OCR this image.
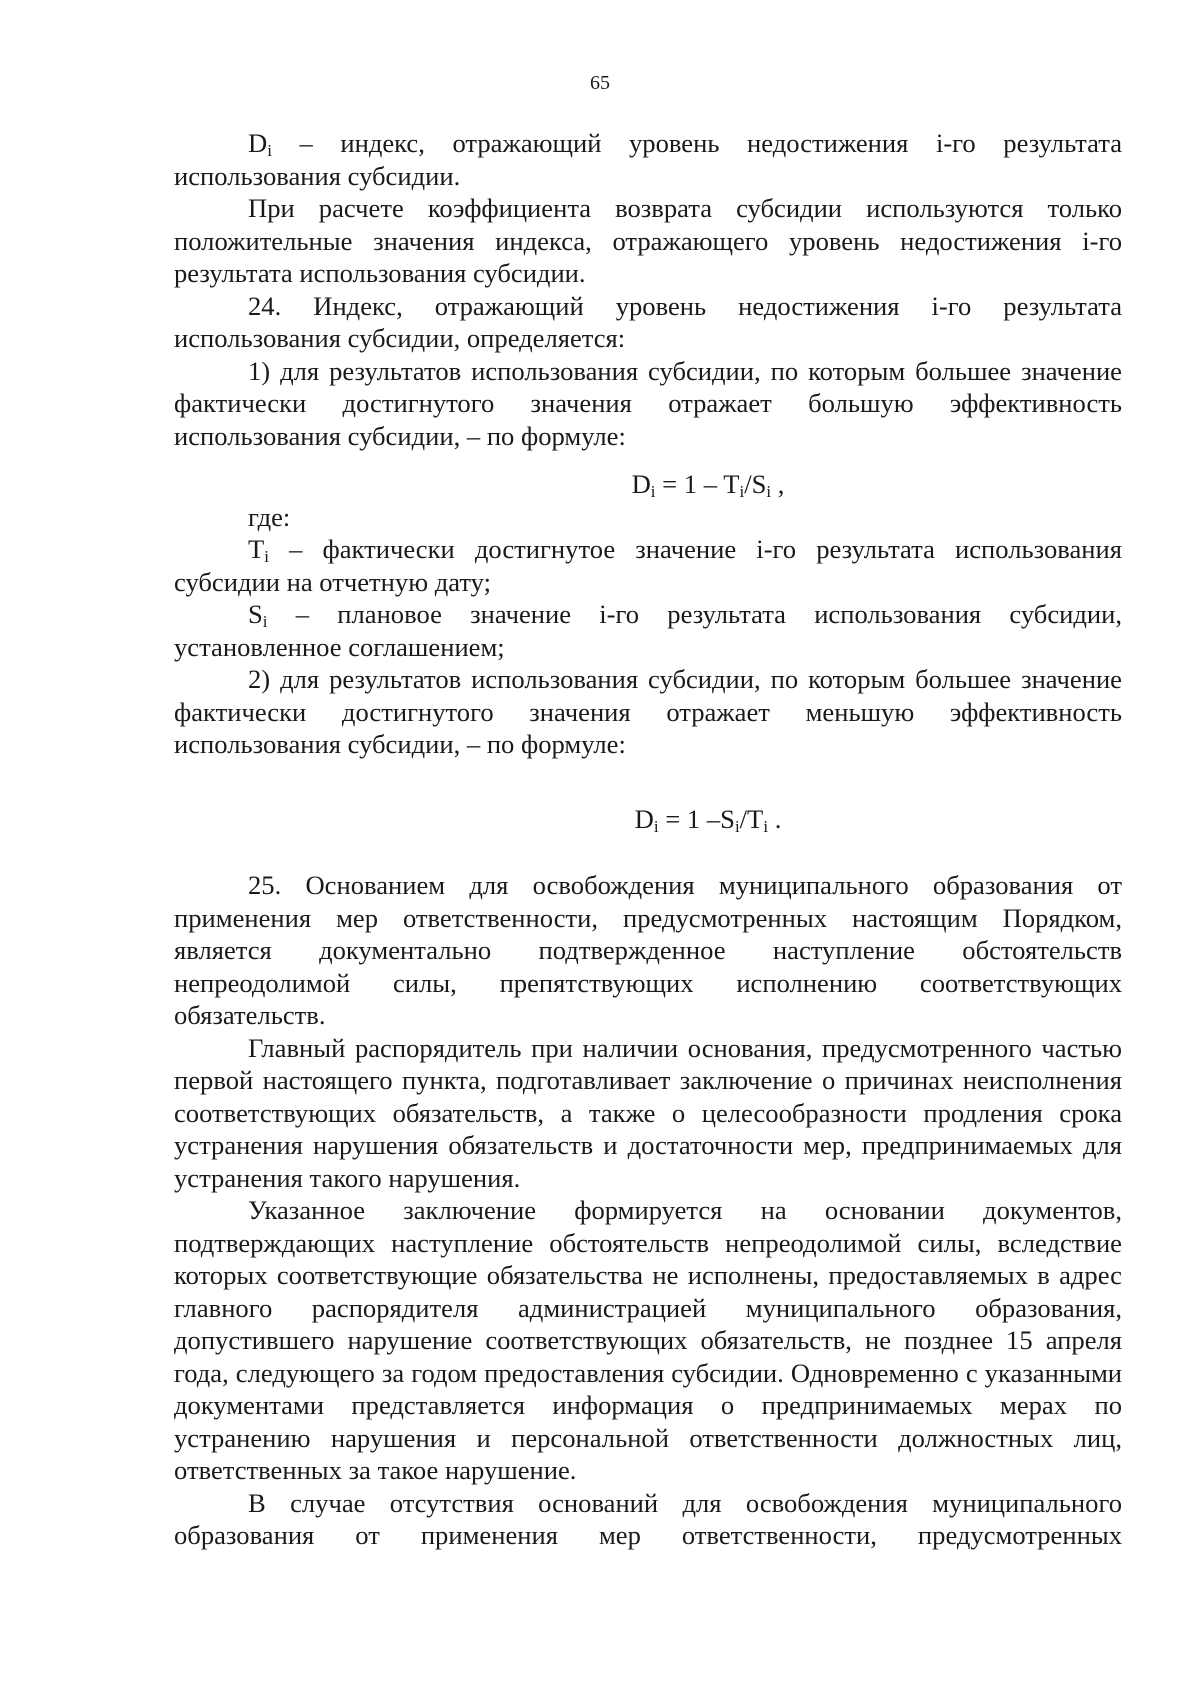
65

$D_i$ – индекс, отражающий уровень недостижения i-го результата использования субсидии.

При расчете коэффициента возврата субсидии используются только положительные значения индекса, отражающего уровень недостижения i-го результата использования субсидии.

24. Индекс, отражающий уровень недостижения i-го результата использования субсидии, определяется:

1) для результатов использования субсидии, по которым большее значение фактически достигнутого значения отражает большую эффективность использования субсидии, – по формуле:

$D_i = 1 - T_i/S_i$ ,

где:

$T_i$ – фактически достигнутое значение i-го результата использования субсидии на отчетную дату;

$S_i$ – плановое значение i-го результата использования субсидии, установленное соглашением;

2) для результатов использования субсидии, по которым большее значение фактически достигнутого значения отражает меньшую эффективность использования субсидии, – по формуле:

$D_i = 1$ $-S_i/T_i$ .

25. Основанием для освобождения муниципального образования от применения мер ответственности, предусмотренных настоящим Порядком, является документально подтвержденное наступление обстоятельств непреодолимой силы, препятствующих исполнению соответствующих обязательств.

Главный распорядитель при наличии основания, предусмотренного частью первой настоящего пункта, подготавливает заключение о причинах неисполнения соответствующих обязательств, а также о целесообразности продления срока устранения нарушения обязательств и достаточности мер, предпринимаемых для устранения такого нарушения.

Указанное заключение формируется на основании документов, подтверждающих наступление обстоятельств непреодолимой силы, вследствие которых соответствующие обязательства не исполнены, предоставляемых в адрес главного распорядителя администрацией муниципального образования, допустившего нарушение соответствующих обязательств, не позднее 15 апреля года, следующего за годом предоставления субсидии. Одновременно с указанными документами представляется информация о предпринимаемых мерах по устранению нарушения и персональной ответственности должностных лиц, ответственных за такое нарушение.

В случае отсутствия оснований для освобождения муниципального образования от применения мер ответственности, предусмотренных
